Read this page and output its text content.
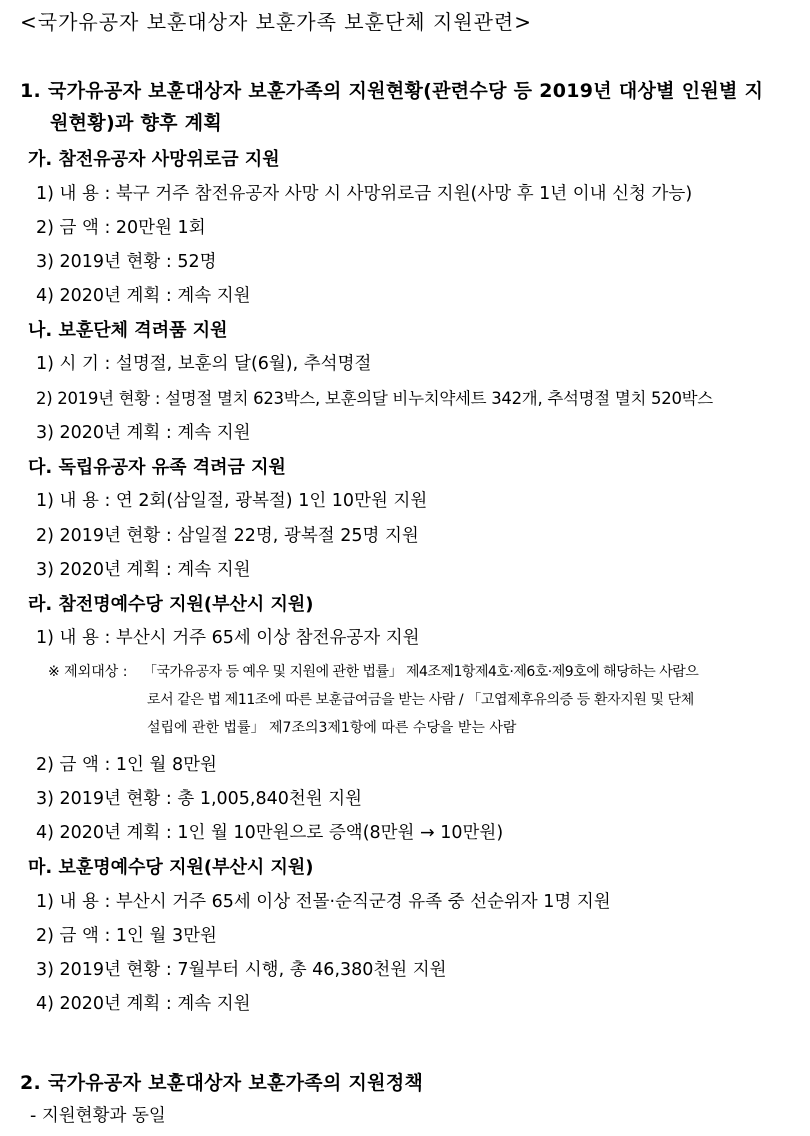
<국가유공자 보훈대상자 보훈가족 보훈단체 지원관련>
1. 국가유공자 보훈대상자 보훈가족의 지원현황(관련수당 등 2019년 대상별 인원별 지
원현황)과 향후 계획
가. 참전유공자 사망위로금 지원
1) 내 용 : 북구 거주 참전유공자 사망 시 사망위로금 지원(사망 후 1년 이내 신청 가능)
2) 금 액 : 20만원 1회
3) 2019년 현황 : 52명
4) 2020년 계획 : 계속 지원
나. 보훈단체 격려품 지원
1) 시 기 : 설명절, 보훈의 달(6월), 추석명절
2) 2019년 현황 : 설명절 멸치 623박스, 보훈의달 비누치약세트 342개, 추석명절 멸치 520박스
3) 2020년 계획 : 계속 지원
다. 독립유공자 유족 격려금 지원
1) 내 용 : 연 2회(삼일절, 광복절) 1인 10만원 지원
2) 2019년 현황 : 삼일절 22명, 광복절 25명 지원
3) 2020년 계획 : 계속 지원
라. 참전명예수당 지원(부산시 지원)
1) 내 용 : 부산시 거주 65세 이상 참전유공자 지원
※ 제외대상 : 「국가유공자 등 예우 및 지원에 관한 법률」 제4조제1항제4호·제6호·제9호에 해당하는 사람으
로서 같은 법 제11조에 따른 보훈급여금을 받는 사람 / 「고엽제후유의증 등 환자지원 및 단체
설립에 관한 법률」 제7조의3제1항에 따른 수당을 받는 사람
2) 금 액 : 1인 월 8만원
3) 2019년 현황 : 총 1,005,840천원 지원
4) 2020년 계획 : 1인 월 10만원으로 증액(8만원 → 10만원)
마. 보훈명예수당 지원(부산시 지원)
1) 내 용 : 부산시 거주 65세 이상 전몰·순직군경 유족 중 선순위자 1명 지원
2) 금 액 : 1인 월 3만원
3) 2019년 현황 : 7월부터 시행, 총 46,380천원 지원
4) 2020년 계획 : 계속 지원
2. 국가유공자 보훈대상자 보훈가족의 지원정책
- 지원현황과 동일
